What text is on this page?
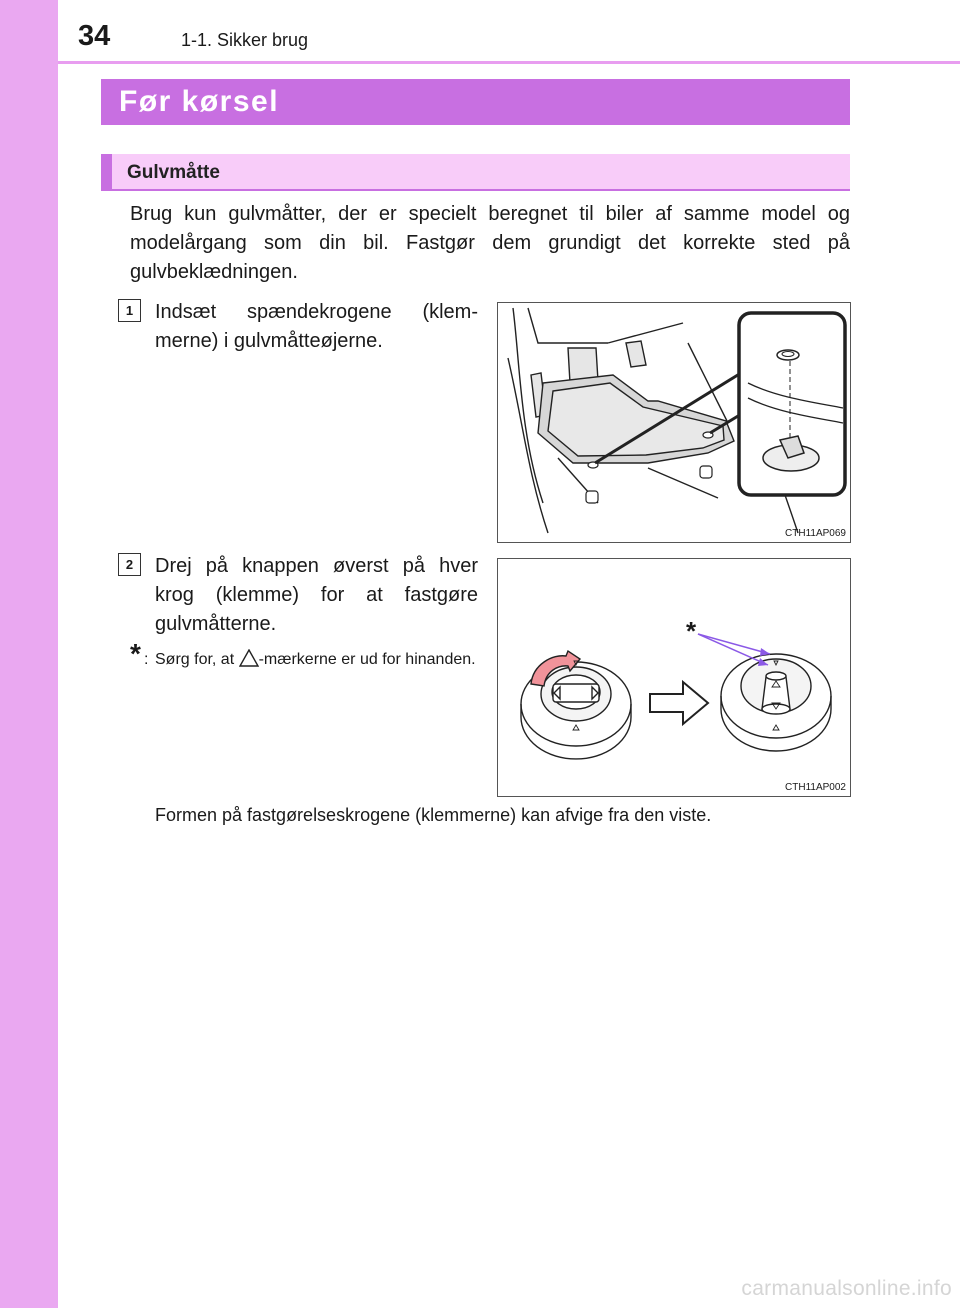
34	1-1. Sikker brug
Før kørsel
Gulvmåtte

Brug kun gulvmåtter, der er specielt beregnet til biler af samme model og modelårgang som din bil. Fastgør dem grundigt det korrekte sted på gulvbeklædningen.

1	Indsæt spændekrogene (klem-merne) i gulvmåtteøjerne.

CTH11AP069
2	Drej på knappen øverst på hver krog (klemme) for at fastgøre gulvmåtterne.

* : Sørg for, at -mærkerne er ud for hinanden.
*
CTH11AP002

Formen på fastgørelseskrogene (klemmerne) kan afvige fra den viste.

carmanualsonline.info
